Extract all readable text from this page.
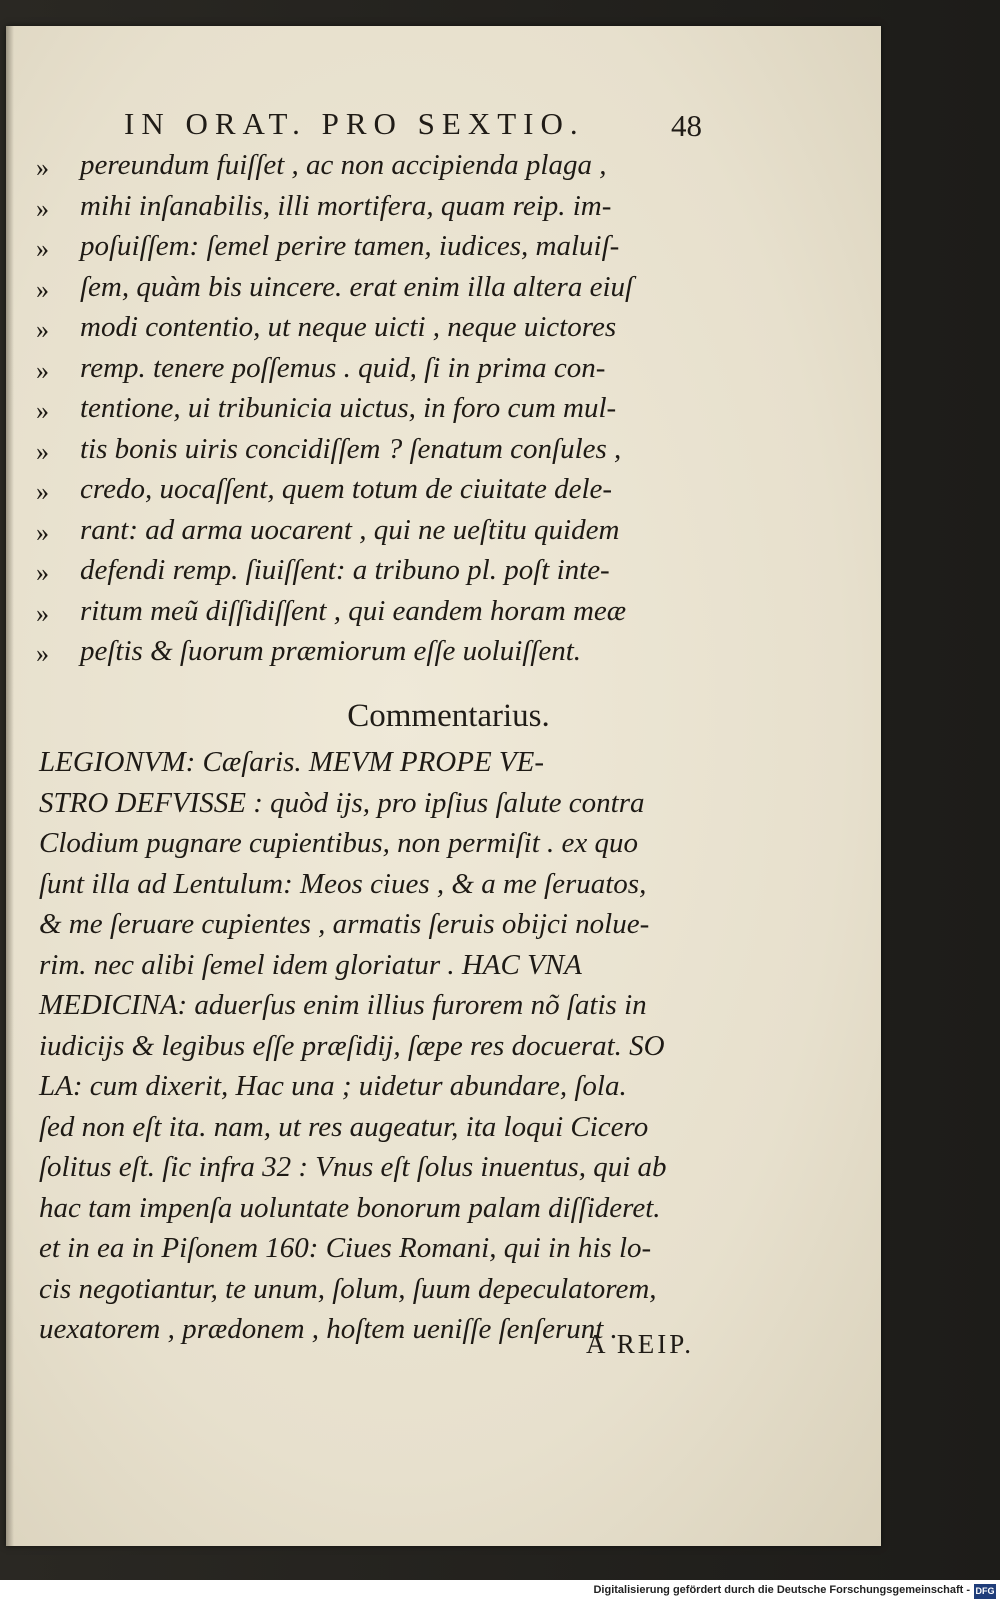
IN ORAT. PRO SEXTIO.	48
»	pereundum fuiſſet , ac non accipienda plaga ,
»	mihi inſanabilis, illi mortifera, quam reip. im-
»	poſuiſſem: ſemel perire tamen, iudices, maluiſ-
»	ſem, quàm bis uincere. erat enim illa altera eiuſ
»	modi contentio, ut neque uicti , neque uictores
»	remp. tenere poſſemus . quid, ſi in prima con-
»	tentione, ui tribunicia uictus, in foro cum mul-
»	tis bonis uiris concidiſſem ? ſenatum conſules ,
»	credo, uocaſſent, quem totum de ciuitate dele-
»	rant: ad arma uocarent , qui ne ueſtitu quidem
»	defendi remp. ſiuiſſent: a tribuno pl. poſt inte-
»	ritum meũ diſſidiſſent , qui eandem horam meæ
»	peſtis & ſuorum præmiorum eſſe uoluiſſent.
Commentarius.
LEGIONVM: Cæſaris. MEVM PROPE VE-
STRO DEFVISSE : quòd ijs, pro ipſius ſalute contra
Clodium pugnare cupientibus, non permiſit . ex quo
ſunt illa ad Lentulum: Meos ciues , & a me ſeruatos,
& me ſeruare cupientes , armatis ſeruis obijci nolue-
rim. nec alibi ſemel idem gloriatur . HAC VNA
MEDICINA: aduerſus enim illius furorem nõ ſatis in
iudicijs & legibus eſſe præſidij, ſæpe res docuerat. SO
LA: cum dixerit, Hac una ; uidetur abundare, ſola.
ſed non eſt ita. nam, ut res augeatur, ita loqui Cicero
ſolitus eſt. ſic infra 32 : Vnus eſt ſolus inuentus, qui ab
hac tam impenſa uoluntate bonorum palam diſſideret.
et in ea in Piſonem 160: Ciues Romani, qui in his lo-
cis negotiantur, te unum, ſolum, ſuum depeculatorem,
uexatorem , prædonem , hoſtem ueniſſe ſenſerunt .
A REIP.
Digitalisierung gefördert durch die Deutsche Forschungsgemeinschaft - DFG
